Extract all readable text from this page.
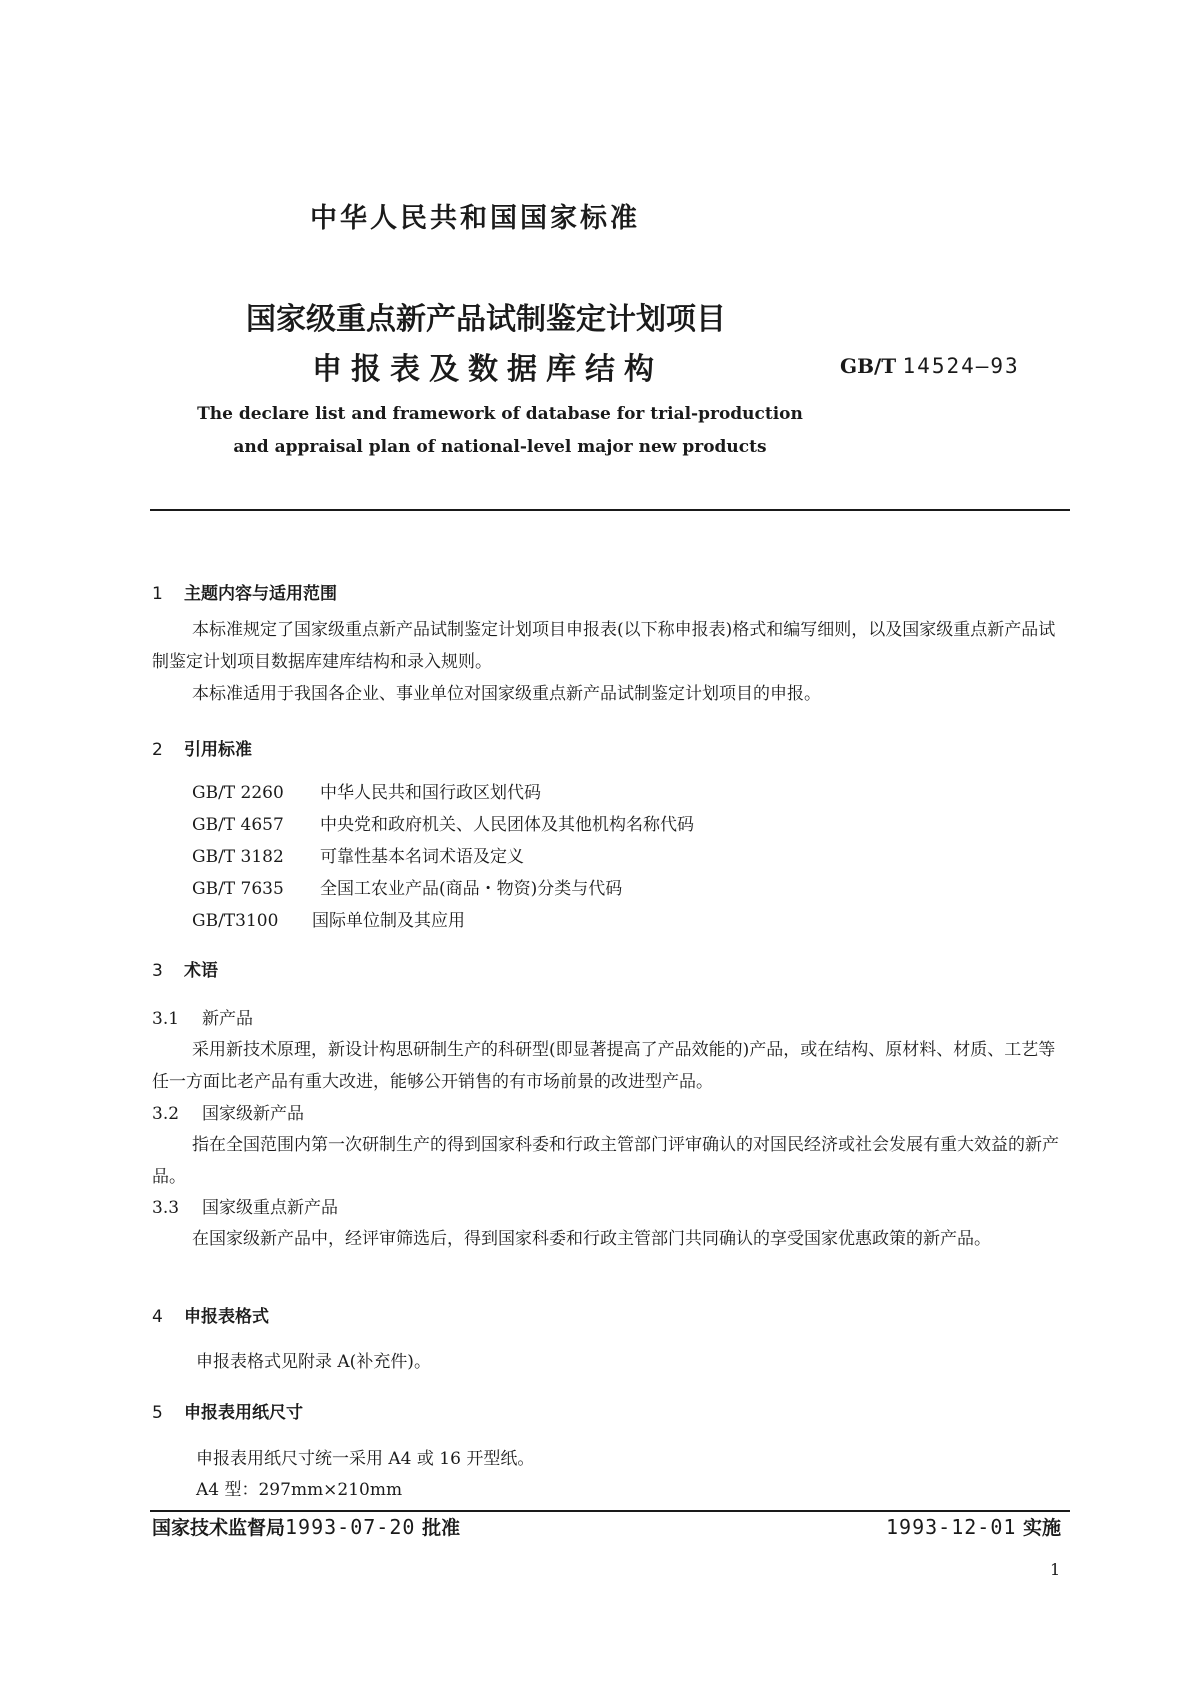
中华人民共和国国家标准
国家级重点新产品试制鉴定计划项目
申报表及数据库结构	GB/T 14524—93
The declare list and framework of database for trial-production
and appraisal plan of national-level major new products
1 主题内容与适用范围
本标准规定了国家级重点新产品试制鉴定计划项目申报表(以下称申报表)格式和编写细则，以及国家级重点新产品试制鉴定计划项目数据库建库结构和录入规则。
本标准适用于我国各企业、事业单位对国家级重点新产品试制鉴定计划项目的申报。
2 引用标准
GB/T 2260 中华人民共和国行政区划代码
GB/T 4657 中央党和政府机关、人民团体及其他机构名称代码
GB/T 3182 可靠性基本名词术语及定义
GB/T 7635 全国工农业产品(商品・物资)分类与代码
GB/T3100 国际单位制及其应用
3 术语
3.1 新产品
采用新技术原理，新设计构思研制生产的科研型(即显著提高了产品效能的)产品，或在结构、原材料、材质、工艺等任一方面比老产品有重大改进，能够公开销售的有市场前景的改进型产品。
3.2 国家级新产品
指在全国范围内第一次研制生产的得到国家科委和行政主管部门评审确认的对国民经济或社会发展有重大效益的新产品。
3.3 国家级重点新产品
在国家级新产品中，经评审筛选后，得到国家科委和行政主管部门共同确认的享受国家优惠政策的新产品。
4 申报表格式
申报表格式见附录 A(补充件)。
5 申报表用纸尺寸
申报表用纸尺寸统一采用 A4 或 16 开型纸。
A4 型：297mm×210mm
国家技术监督局1993-07-20 批准	1993-12-01 实施
1
